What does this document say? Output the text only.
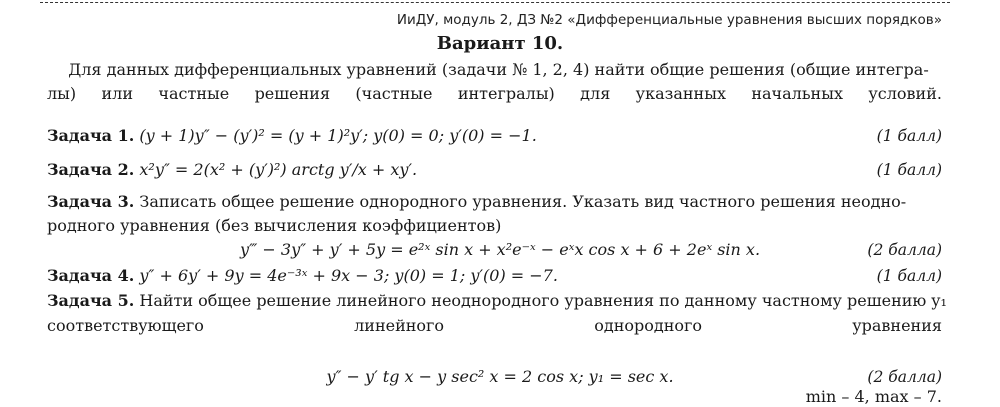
ИиДУ, модуль 2, ДЗ №2 «Дифференциальные уравнения высших порядков»
Вариант 10.
Для данных дифференциальных уравнений (задачи № 1, 2, 4) найти общие решения (общие интегра-
лы) или частные решения (частные интегралы) для указанных начальных условий.
Задача 1. (y + 1)y″ − (y′)² = (y + 1)²y′; y(0) = 0; y′(0) = −1.	(1 балл)
Задача 2. x²y″ = 2(x² + (y′)²) arctg y′/x + xy′.	(1 балл)
Задача 3. Записать общее решение однородного уравнения. Указать вид частного решения неодно-
родного уравнения (без вычисления коэффициентов)
y‴ − 3y″ + y′ + 5y = e²ˣ sin x + x²e⁻ˣ − eˣx cos x + 6 + 2eˣ sin x.	(2 балла)
Задача 4. y″ + 6y′ + 9y = 4e⁻³ˣ + 9x − 3; y(0) = 1; y′(0) = −7.	(1 балл)
Задача 5. Найти общее решение линейного неоднородного уравнения по данному частному решению y₁
соответствующего	линейного	однородного	уравнения
y″ − y′ tg x − y sec² x = 2 cos x; y₁ = sec x.	(2 балла)
min – 4, max – 7.
